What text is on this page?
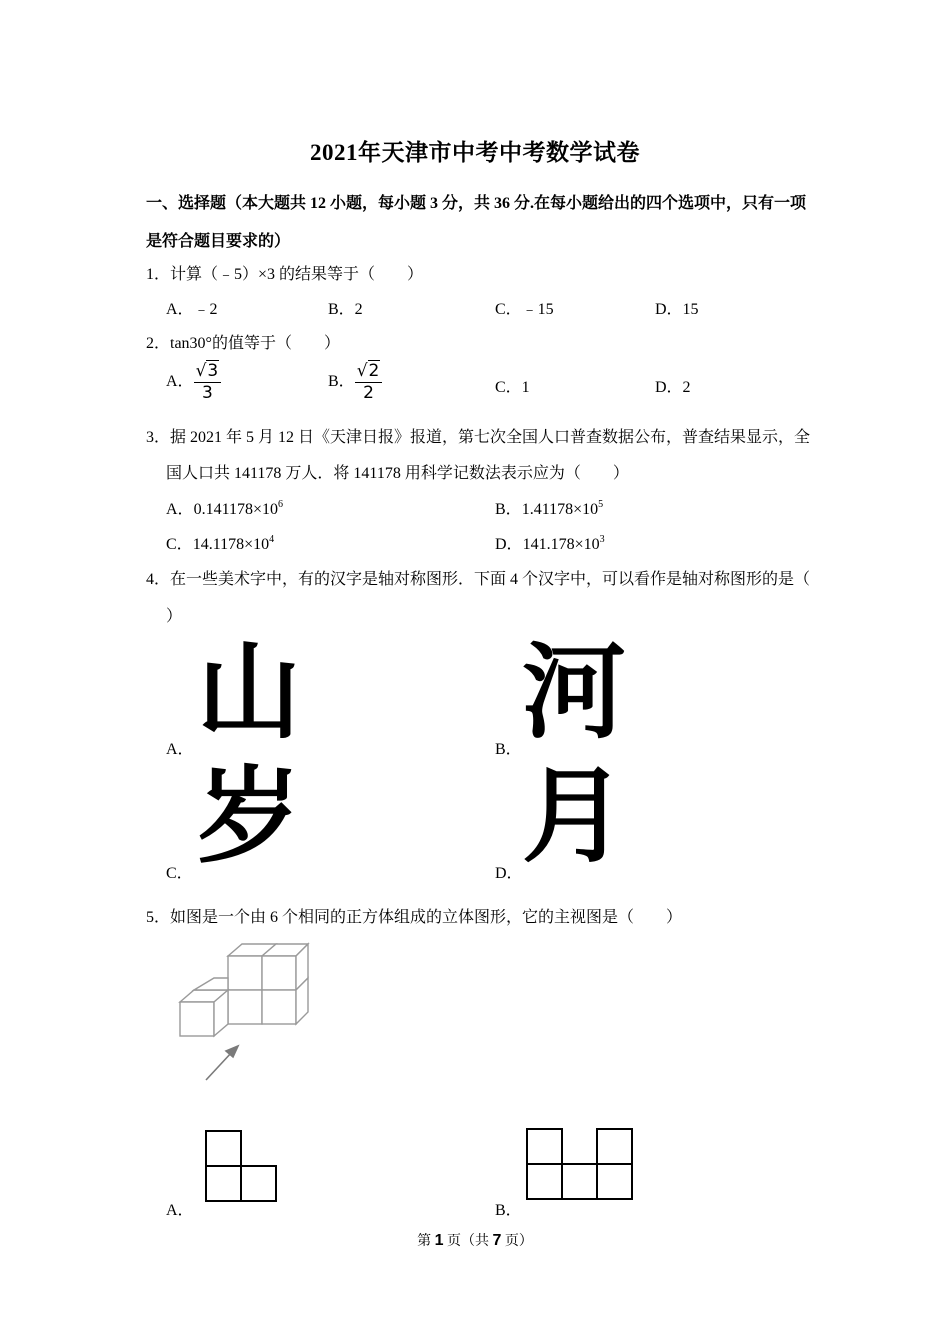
2021年天津市中考中考数学试卷
一、选择题（本大题共 12 小题，每小题 3 分，共 36 分.在每小题给出的四个选项中，只有一项
是符合题目要求的）
1．计算（﹣5）×3 的结果等于（　　）
A．﹣2	B．2	C．﹣15	D．15
2．tan30°的值等于（　　）
A． $\frac{√3}{3}$	B． $\frac{√2}{2}$	C．1	D．2
3．据 2021 年 5 月 12 日《天津日报》报道，第七次全国人口普查数据公布，普查结果显示，全
国人口共 141178 万人．将 141178 用科学记数法表示应为（　　）
A．$0.141178\times 10^6$	B．$1.41178\times 10^5$
C．$14.1178\times 10^4$	D．$141.178\times 10^3$
4．在一些美术字中，有的汉字是轴对称图形．下面 4 个汉字中，可以看作是轴对称图形的是（
）
A． 山	B． 河
C． 岁	D． 月
5．如图是一个由 6 个相同的正方体组成的立体图形，它的主视图是（　　）
A．	B．
第 1 页（共 7 页）
